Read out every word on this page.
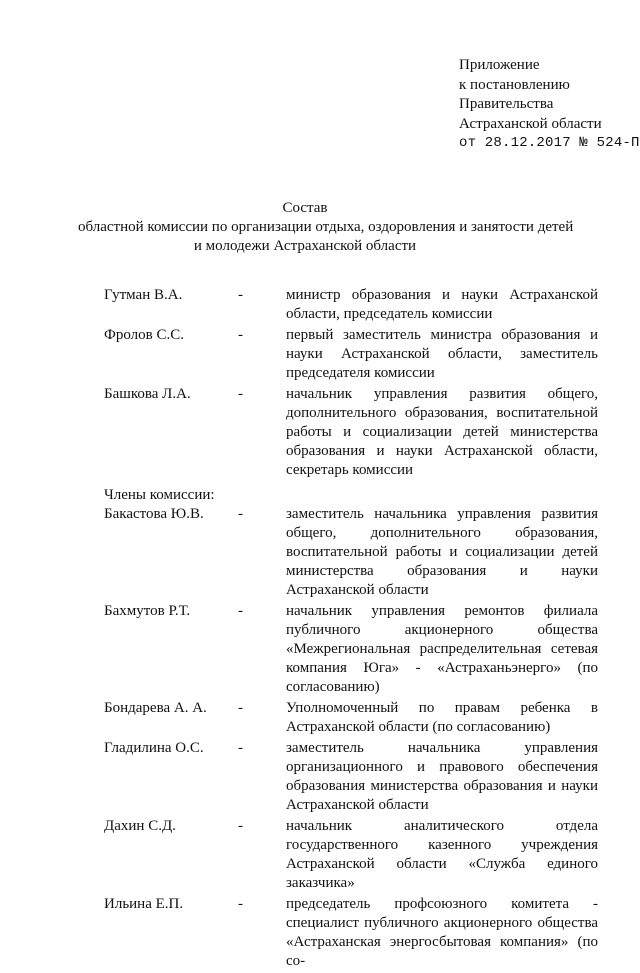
Приложение
к постановлению
Правительства
Астраханской области
от 28.12.2017 № 524-П
Состав
областной комиссии по организации отдыха, оздоровления и занятости детей
и молодежи Астраханской области
Гутман В.А.	-	министр образования и науки Астраханской области, председатель комиссии
Фролов С.С.	-	первый заместитель министра образования и науки Астраханской области, заместитель председателя комиссии
Башкова Л.А.	-	начальник управления развития общего, дополнительного образования, воспитательной работы и социализации детей министерства образования и науки Астраханской области, секретарь комиссии
Члены комиссии:
Бакастова Ю.В.	-	заместитель начальника управления развития общего, дополнительного образования, воспитательной работы и социализации детей министерства образования и науки Астраханской области
Бахмутов Р.Т.	-	начальник управления ремонтов филиала публичного акционерного общества «Межрегиональная распределительная сетевая компания Юга» - «Астраханьэнерго» (по согласованию)
Бондарева А. А.	-	Уполномоченный по правам ребенка в Астраханской области (по согласованию)
Гладилина О.С.	-	заместитель начальника управления организационного и правового обеспечения образования министерства образования и науки Астраханской области
Дахин С.Д.	-	начальник аналитического отдела государственного казенного учреждения Астраханской области «Служба единого заказчика»
Ильина Е.П.	-	председатель профсоюзного комитета - специалист публичного акционерного общества «Астраханская энергосбытовая компания» (по со-
